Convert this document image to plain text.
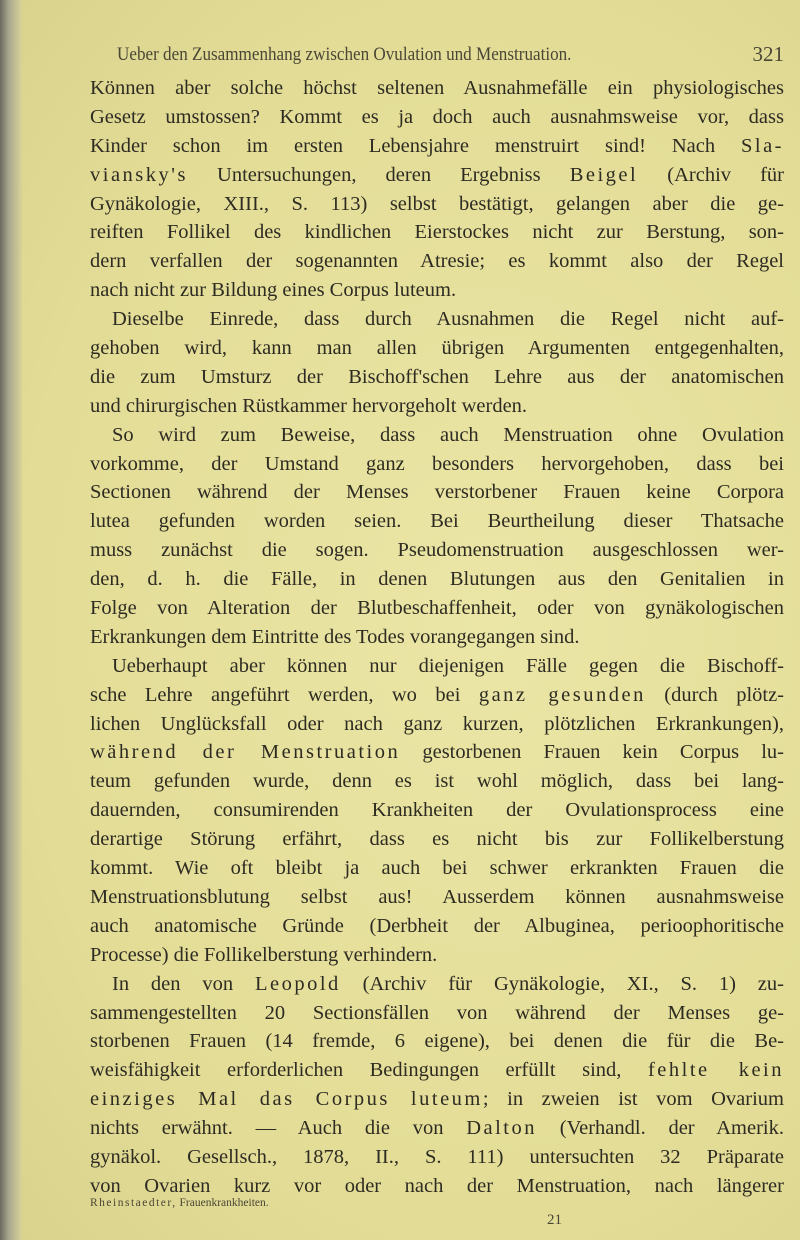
Ueber den Zusammenhang zwischen Ovulation und Menstruation.	321
Können aber solche höchst seltenen Ausnahmefälle ein physiologisches
Gesetz umstossen? Kommt es ja doch auch ausnahmsweise vor, dass
Kinder schon im ersten Lebensjahre menstruirt sind! Nach Sla-
viansky's Untersuchungen, deren Ergebniss Beigel (Archiv für
Gynäkologie, XIII., S. 113) selbst bestätigt, gelangen aber die ge-
reiften Follikel des kindlichen Eierstockes nicht zur Berstung, son-
dern verfallen der sogenannten Atresie; es kommt also der Regel
nach nicht zur Bildung eines Corpus luteum.
Dieselbe Einrede, dass durch Ausnahmen die Regel nicht auf-
gehoben wird, kann man allen übrigen Argumenten entgegenhalten,
die zum Umsturz der Bischoff'schen Lehre aus der anatomischen
und chirurgischen Rüstkammer hervorgeholt werden.
So wird zum Beweise, dass auch Menstruation ohne Ovulation
vorkomme, der Umstand ganz besonders hervorgehoben, dass bei
Sectionen während der Menses verstorbener Frauen keine Corpora
lutea gefunden worden seien. Bei Beurtheilung dieser Thatsache
muss zunächst die sogen. Pseudomenstruation ausgeschlossen wer-
den, d. h. die Fälle, in denen Blutungen aus den Genitalien in
Folge von Alteration der Blutbeschaffenheit, oder von gynäkologischen
Erkrankungen dem Eintritte des Todes vorangegangen sind.
Ueberhaupt aber können nur diejenigen Fälle gegen die Bischoff-
sche Lehre angeführt werden, wo bei ganz gesunden (durch plötz-
lichen Unglücksfall oder nach ganz kurzen, plötzlichen Erkrankungen),
während der Menstruation gestorbenen Frauen kein Corpus lu-
teum gefunden wurde, denn es ist wohl möglich, dass bei lang-
dauernden, consumirenden Krankheiten der Ovulationsprocess eine
derartige Störung erfährt, dass es nicht bis zur Follikelberstung
kommt. Wie oft bleibt ja auch bei schwer erkrankten Frauen die
Menstruationsblutung selbst aus! Ausserdem können ausnahmsweise
auch anatomische Gründe (Derbheit der Albuginea, perioophoritische
Processe) die Follikelberstung verhindern.
In den von Leopold (Archiv für Gynäkologie, XI., S. 1) zu-
sammengestellten 20 Sectionsfällen von während der Menses ge-
storbenen Frauen (14 fremde, 6 eigene), bei denen die für die Be-
weisfähigkeit erforderlichen Bedingungen erfüllt sind, fehlte kein
einziges Mal das Corpus luteum; in zweien ist vom Ovarium
nichts erwähnt. — Auch die von Dalton (Verhandl. der Amerik.
gynäkol. Gesellsch., 1878, II., S. 111) untersuchten 32 Präparate
von Ovarien kurz vor oder nach der Menstruation, nach längerer
Rheinstaedter, Frauenkrankheiten.
21
